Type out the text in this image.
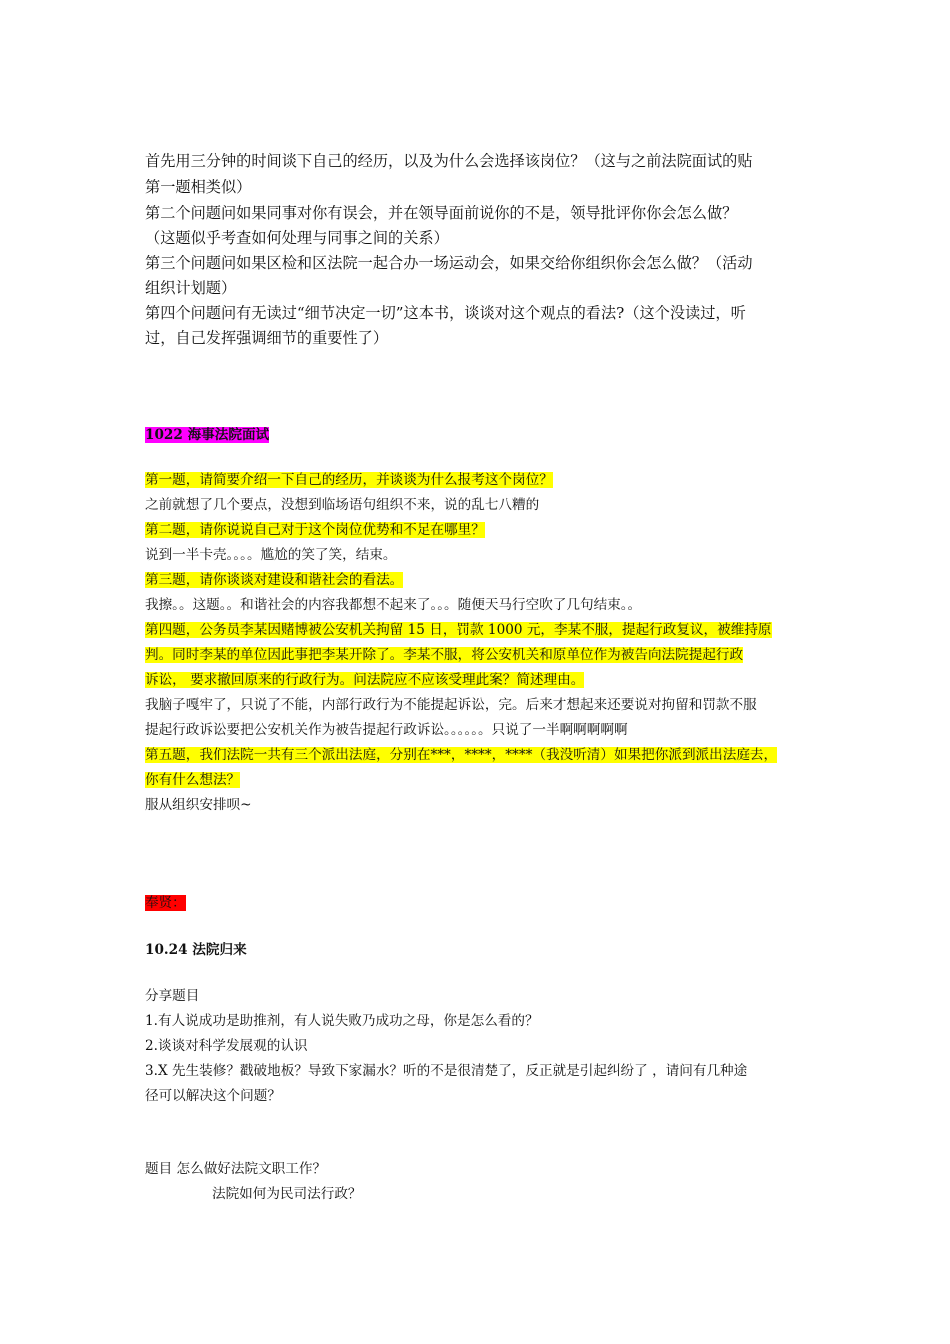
首先用三分钟的时间谈下自己的经历，以及为什么会选择该岗位？（这与之前法院面试的贴
第一题相类似）
第二个问题问如果同事对你有误会，并在领导面前说你的不是，领导批评你你会怎么做？
（这题似乎考查如何处理与同事之间的关系）
第三个问题问如果区检和区法院一起合办一场运动会，如果交给你组织你会怎么做？（活动
组织计划题）
第四个问题问有无读过“细节决定一切”这本书，谈谈对这个观点的看法?（这个没读过，听
过，自己发挥强调细节的重要性了）
1022 海事法院面试
第一题，请简要介绍一下自己的经历，并谈谈为什么报考这个岗位？
之前就想了几个要点，没想到临场语句组织不来，说的乱七八糟的
第二题，请你说说自己对于这个岗位优势和不足在哪里？
说到一半卡壳。。。。尴尬的笑了笑，结束。
第三题，请你谈谈对建设和谐社会的看法。
我擦。。这题。。和谐社会的内容我都想不起来了。。。随便天马行空吹了几句结束。。
第四题，公务员李某因赌博被公安机关拘留 15 日，罚款 1000 元，李某不服，提起行政复议，被维持原
判。同时李某的单位因此事把李某开除了。李某不服，将公安机关和原单位作为被告向法院提起行政
诉讼， 要求撤回原来的行政行为。问法院应不应该受理此案？简述理由。
我脑子嘎牢了，只说了不能，内部行政行为不能提起诉讼，完。后来才想起来还要说对拘留和罚款不服
提起行政诉讼要把公安机关作为被告提起行政诉讼。。。。。。只说了一半啊啊啊啊啊
第五题，我们法院一共有三个派出法庭，分别在***，****，****（我没听清）如果把你派到派出法庭去，
你有什么想法？
服从组织安排呗~
奉贤：
10.24 法院归来
分享题目
1.有人说成功是助推剂，有人说失败乃成功之母，你是怎么看的？
2.谈谈对科学发展观的认识
3.X 先生装修？戳破地板？导致下家漏水？听的不是很清楚了，反正就是引起纠纷了 ，请问有几种途
径可以解决这个问题？
题目 怎么做好法院文职工作？
法院如何为民司法行政？
